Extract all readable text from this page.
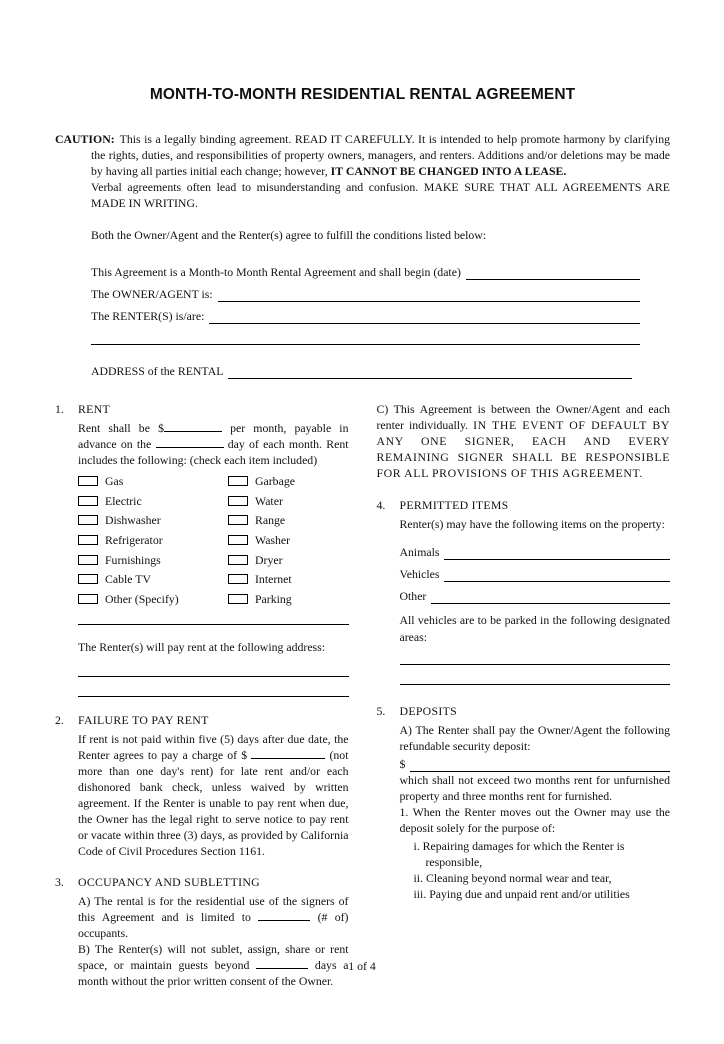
MONTH-TO-MONTH RESIDENTIAL RENTAL AGREEMENT

CAUTION: This is a legally binding agreement. READ IT CAREFULLY. It is intended to help promote harmony by clarifying the rights, duties, and responsibilities of property owners, managers, and renters. Additions and/or deletions may be made by having all parties initial each change; however, IT CANNOT BE CHANGED INTO A LEASE.

Verbal agreements often lead to misunderstanding and confusion. MAKE SURE THAT ALL AGREEMENTS ARE MADE IN WRITING.

Both the Owner/Agent and the Renter(s) agree to fulfill the conditions listed below:

This Agreement is a Month-to Month Rental Agreement and shall begin (date)
The OWNER/AGENT is:
The RENTER(S) is/are:
ADDRESS of the RENTAL
1.	RENT

Rent shall be $	per month, payable in advance on the	day of each month. Rent includes the following: (check each item included)

Gas	Garbage
Electric	Water
Dishwasher	Range
Refrigerator	Washer
Furnishings	Dryer
Cable TV	Internet
Other (Specify)	Parking

The Renter(s) will pay rent at the following address:

2.	FAILURE TO PAY RENT

If rent is not paid within five (5) days after due date, the Renter agrees to pay a charge of $	(not more than one day's rent) for late rent and/or each dishonored bank check, unless waived by written agreement. If the Renter is unable to pay rent when due, the Owner has the legal right to serve notice to pay rent or vacate within three (3) days, as provided by California Code of Civil Procedures Section 1161.

3.	OCCUPANCY AND SUBLETTING

A) The rental is for the residential use of the signers of this Agreement and is limited to	(# of) occupants.

B) The Renter(s) will not sublet, assign, share or rent space, or maintain guests beyond	days a month without the prior written consent of the Owner.

C) This Agreement is between the Owner/Agent and each renter individually. IN THE EVENT OF DEFAULT BY ANY ONE SIGNER, EACH AND EVERY REMAINING SIGNER SHALL BE RESPONSIBLE FOR ALL PROVISIONS OF THIS AGREEMENT.

4.	PERMITTED ITEMS

Renter(s) may have the following items on the property:

Animals
Vehicles
Other

All vehicles are to be parked in the following designated areas:

5.	DEPOSITS

A) The Renter shall pay the Owner/Agent the following refundable security deposit:

$

which shall not exceed two months rent for unfurnished property and three months rent for furnished.

1. When the Renter moves out the Owner may use the deposit solely for the purpose of:

i. Repairing damages for which the Renter is responsible,

ii. Cleaning beyond normal wear and tear,

iii. Paying due and unpaid rent and/or utilities

1 of 4
